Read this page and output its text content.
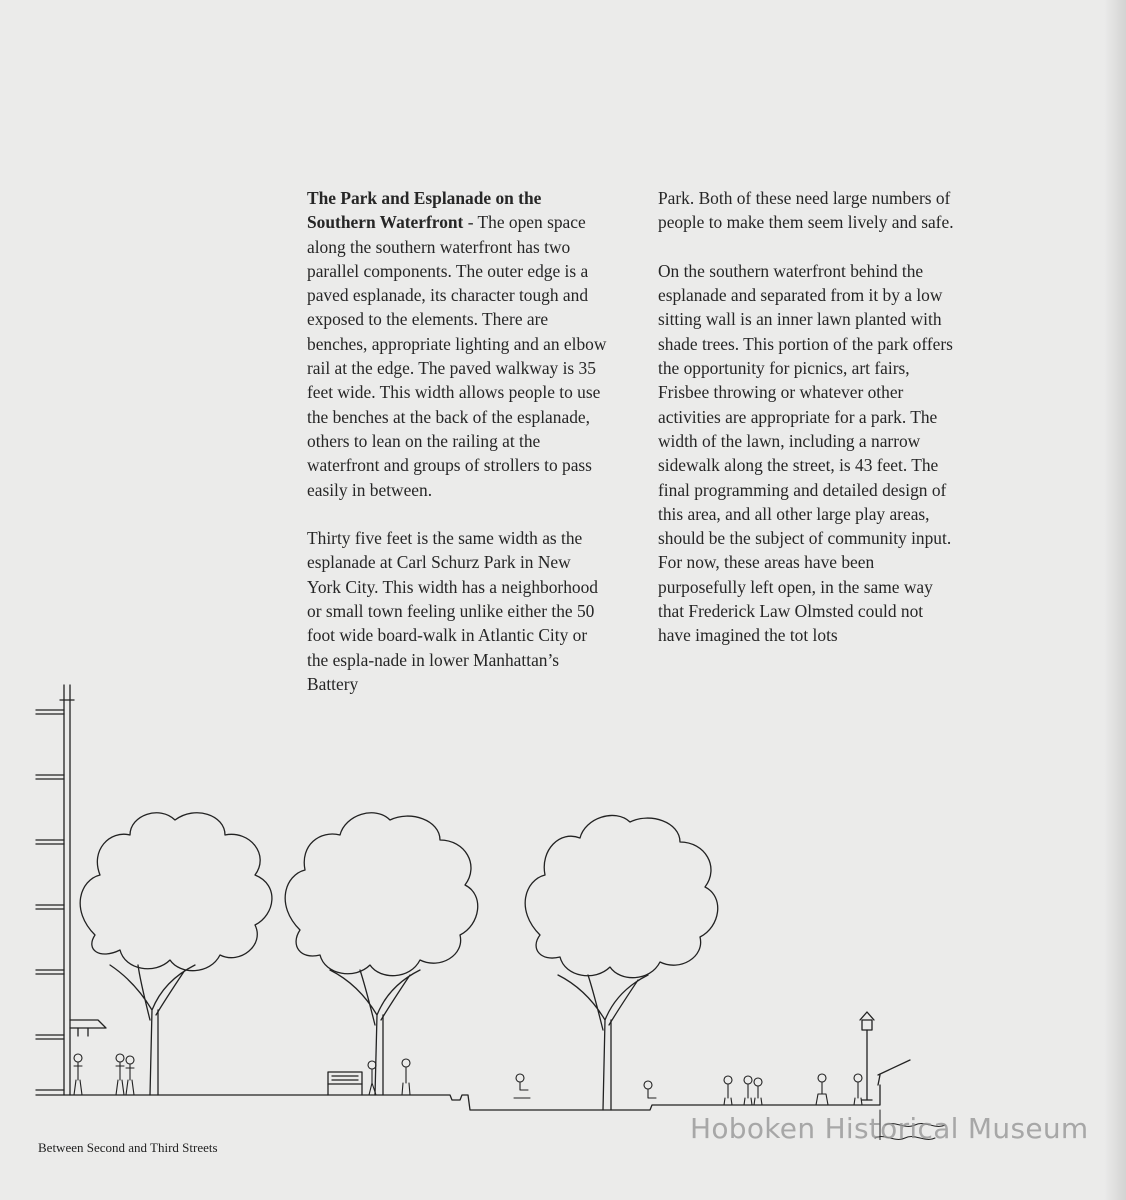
The Park and Esplanade on the Southern Waterfront - The open space along the southern waterfront has two parallel components. The outer edge is a paved esplanade, its character tough and exposed to the elements. There are benches, appropriate lighting and an elbow rail at the edge. The paved walkway is 35 feet wide. This width allows people to use the benches at the back of the esplanade, others to lean on the railing at the waterfront and groups of strollers to pass easily in between.

Thirty five feet is the same width as the esplanade at Carl Schurz Park in New York City. This width has a neighborhood or small town feeling unlike either the 50 foot wide board-walk in Atlantic City or the espla-nade in lower Manhattan’s Battery

Park. Both of these need large numbers of people to make them seem lively and safe.

On the southern waterfront behind the esplanade and separated from it by a low sitting wall is an inner lawn planted with shade trees. This portion of the park offers the opportunity for picnics, art fairs, Frisbee throwing or whatever other activities are appropriate for a park. The width of the lawn, including a narrow sidewalk along the street, is 43 feet. The final programming and detailed design of this area, and all other large play areas, should be the subject of community input. For now, these areas have been purposefully left open, in the same way that Frederick Law Olmsted could not have imagined the tot lots

Between Second and Third Streets
Hoboken Historical Museum
